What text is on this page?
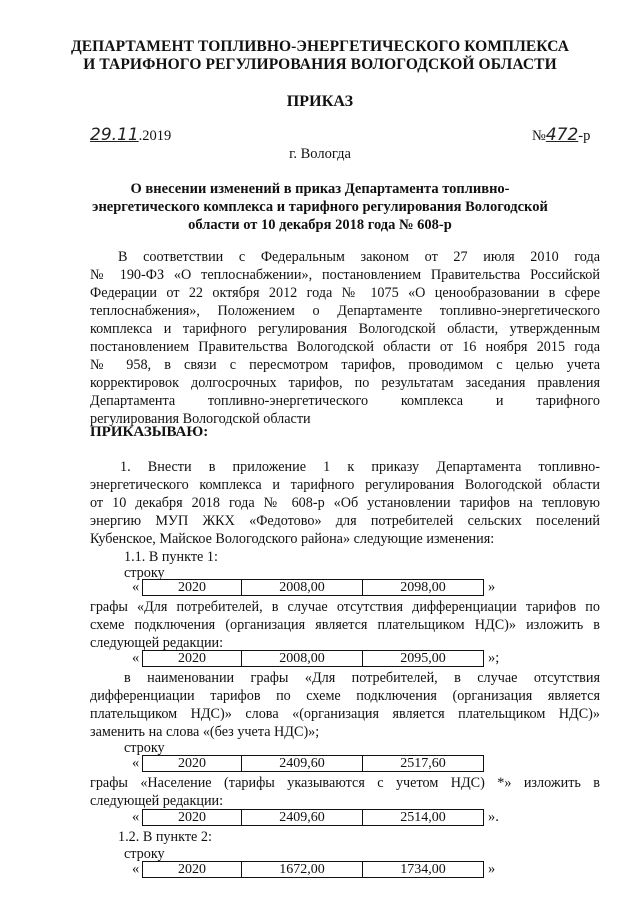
ДЕПАРТАМЕНТ ТОПЛИВНО-ЭНЕРГЕТИЧЕСКОГО КОМПЛЕКСА
И ТАРИФНОГО РЕГУЛИРОВАНИЯ ВОЛОГОДСКОЙ ОБЛАСТИ
ПРИКАЗ
29.11.2019	№472-р
г. Вологда
О внесении изменений в приказ Департамента топливно-
энергетического комплекса и тарифного регулирования Вологодской
области от 10 декабря 2018 года № 608-р
В соответствии с Федеральным законом от 27 июля 2010 года
№ 190-ФЗ «О теплоснабжении», постановлением Правительства Российской
Федерации от 22 октября 2012 года № 1075 «О ценообразовании в сфере
теплоснабжения», Положением о Департаменте топливно-энергетического
комплекса и тарифного регулирования Вологодской области, утвержденным
постановлением Правительства Вологодской области от 16 ноября 2015 года
№ 958, в связи с пересмотром тарифов, проводимом с целью учета
корректировок долгосрочных тарифов, по результатам заседания правления
Департамента топливно-энергетического комплекса и тарифного
регулирования Вологодской области
ПРИКАЗЫВАЮ:
1. Внести в приложение 1 к приказу Департамента топливно-
энергетического комплекса и тарифного регулирования Вологодской области
от 10 декабря 2018 года № 608-р «Об установлении тарифов на тепловую
энергию МУП ЖКХ «Федотово» для потребителей сельских поселений
Кубенское, Майское Вологодского района» следующие изменения:
1.1. В пункте 1:
строку
«	2020	2008,00	2098,00	»
графы «Для потребителей, в случае отсутствия дифференциации тарифов по
схеме подключения (организация является плательщиком НДС)» изложить в
следующей редакции:
«	2020	2008,00	2095,00	»;
в наименовании графы «Для потребителей, в случае отсутствия
дифференциации тарифов по схеме подключения (организация является
плательщиком НДС)» слова «(организация является плательщиком НДС)»
заменить на слова «(без учета НДС)»;
строку
«	2020	2409,60	2517,60
графы «Население (тарифы указываются с учетом НДС) *» изложить в
следующей редакции:
«	2020	2409,60	2514,00	».
1.2. В пункте 2:
строку
«	2020	1672,00	1734,00	»
